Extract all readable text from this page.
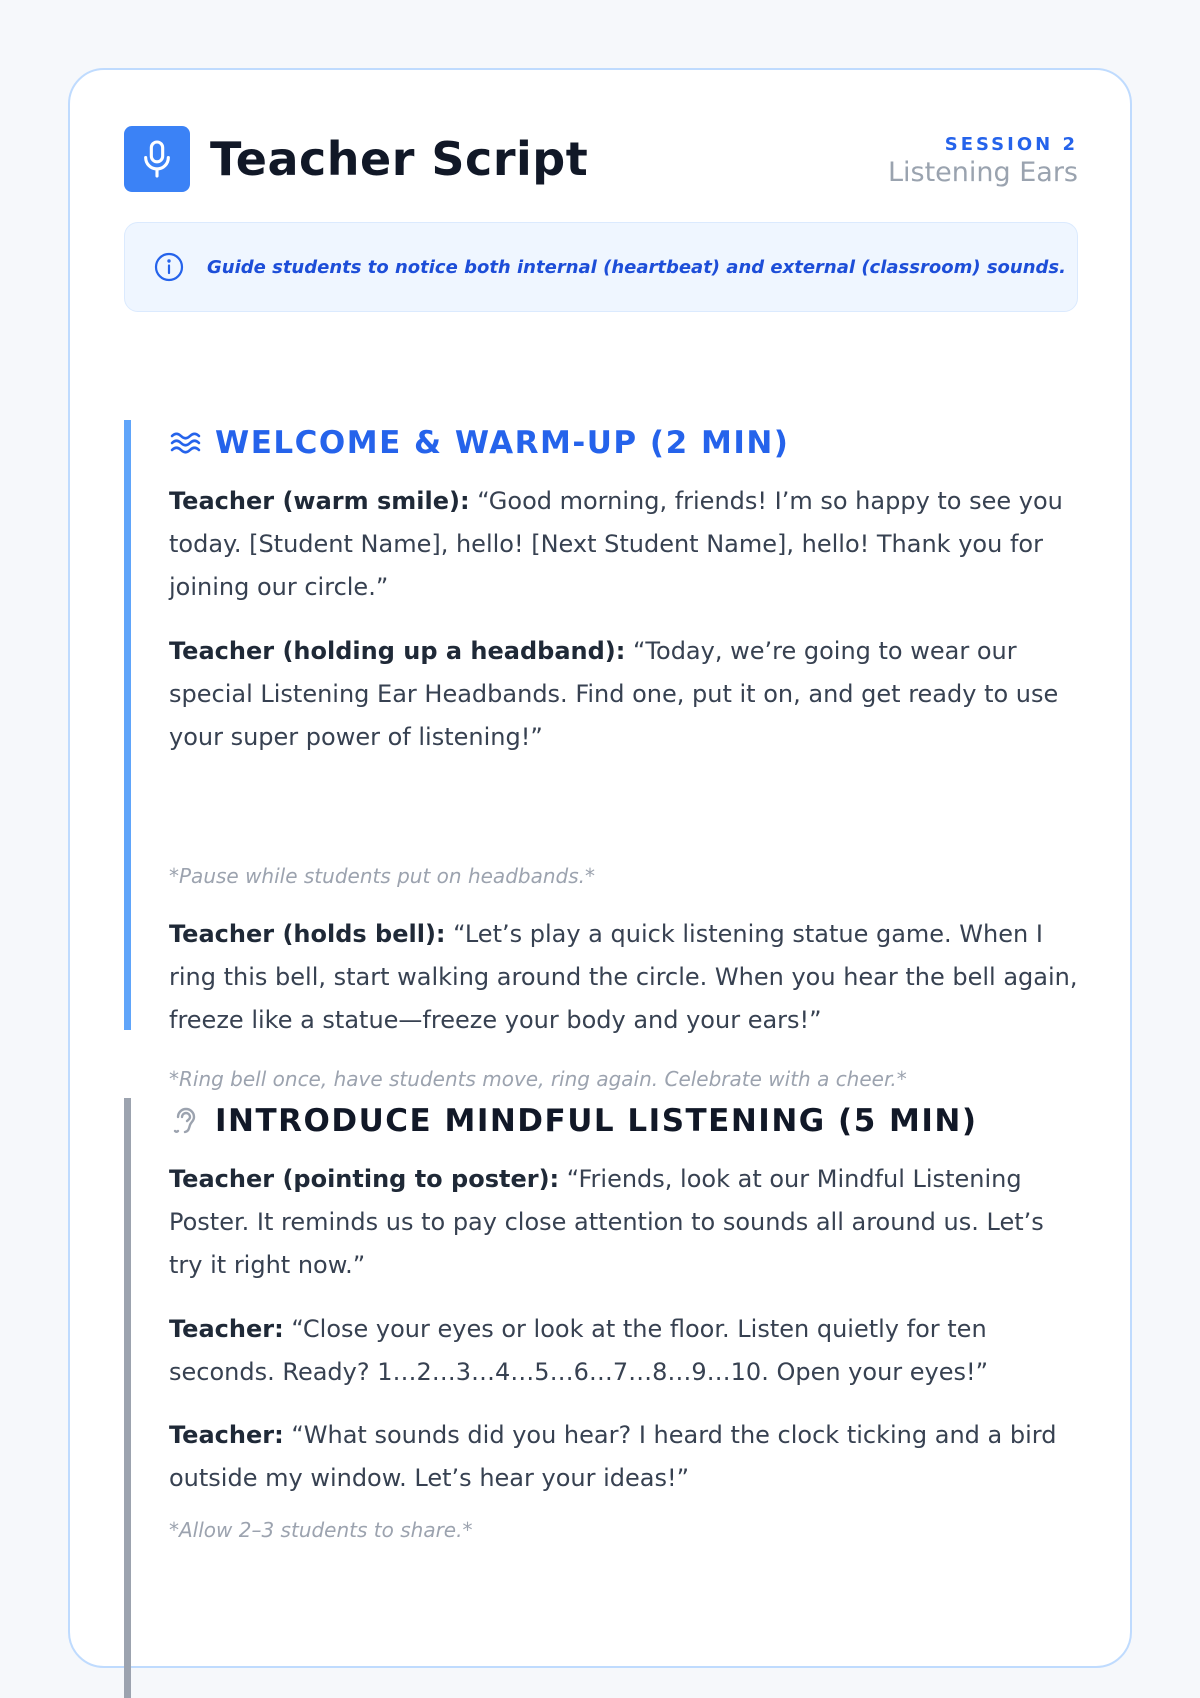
Teacher Script	SESSION 2
Listening Ears
Guide students to notice both internal (heartbeat) and external (classroom) sounds.
WELCOME & WARM-UP (2 MIN)
Teacher (warm smile): “Good morning, friends! I’m so happy to see you today. [Student Name], hello! [Next Student Name], hello! Thank you for joining our circle.”
Teacher (holding up a headband): “Today, we’re going to wear our special Listening Ear Headbands. Find one, put it on, and get ready to use your super power of listening!”
*Pause while students put on headbands.*
Teacher (holds bell): “Let’s play a quick listening statue game. When I ring this bell, start walking around the circle. When you hear the bell again, freeze like a statue—freeze your body and your ears!”
*Ring bell once, have students move, ring again. Celebrate with a cheer.*
INTRODUCE MINDFUL LISTENING (5 MIN)
Teacher (pointing to poster): “Friends, look at our Mindful Listening Poster. It reminds us to pay close attention to sounds all around us. Let’s try it right now.”
Teacher: “Close your eyes or look at the floor. Listen quietly for ten seconds. Ready? 1…2…3…4…5…6…7…8…9…10. Open your eyes!”
Teacher: “What sounds did you hear? I heard the clock ticking and a bird outside my window. Let’s hear your ideas!”
*Allow 2–3 students to share.*
